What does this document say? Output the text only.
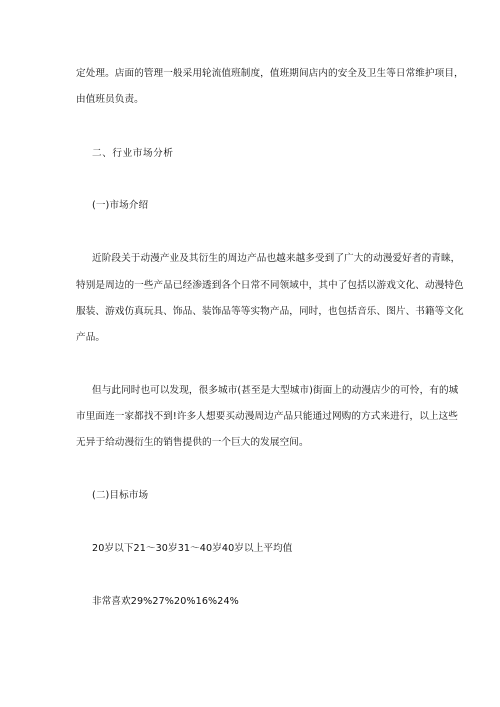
定处理。店面的管理一般采用轮流值班制度，值班期间店内的安全及卫生等日常维护项目，
由值班员负责。
二、行业市场分析
(一)市场介绍
近阶段关于动漫产业及其衍生的周边产品也越来越多受到了广大的动漫爱好者的青睐，
特别是周边的一些产品已经渗透到各个日常不同领域中，其中了包括以游戏文化、动漫特色
服装、游戏仿真玩具、饰品、装饰品等等实物产品，同时，也包括音乐、图片、书籍等文化
产品。
但与此同时也可以发现，很多城市(甚至是大型城市)街面上的动漫店少的可怜，有的城
市里面连一家都找不到!许多人想要买动漫周边产品只能通过网购的方式来进行，以上这些
无异于给动漫衍生的销售提供的一个巨大的发展空间。
(二)目标市场
20岁以下21～30岁31～40岁40岁以上平均值
非常喜欢29%27%20%16%24%
